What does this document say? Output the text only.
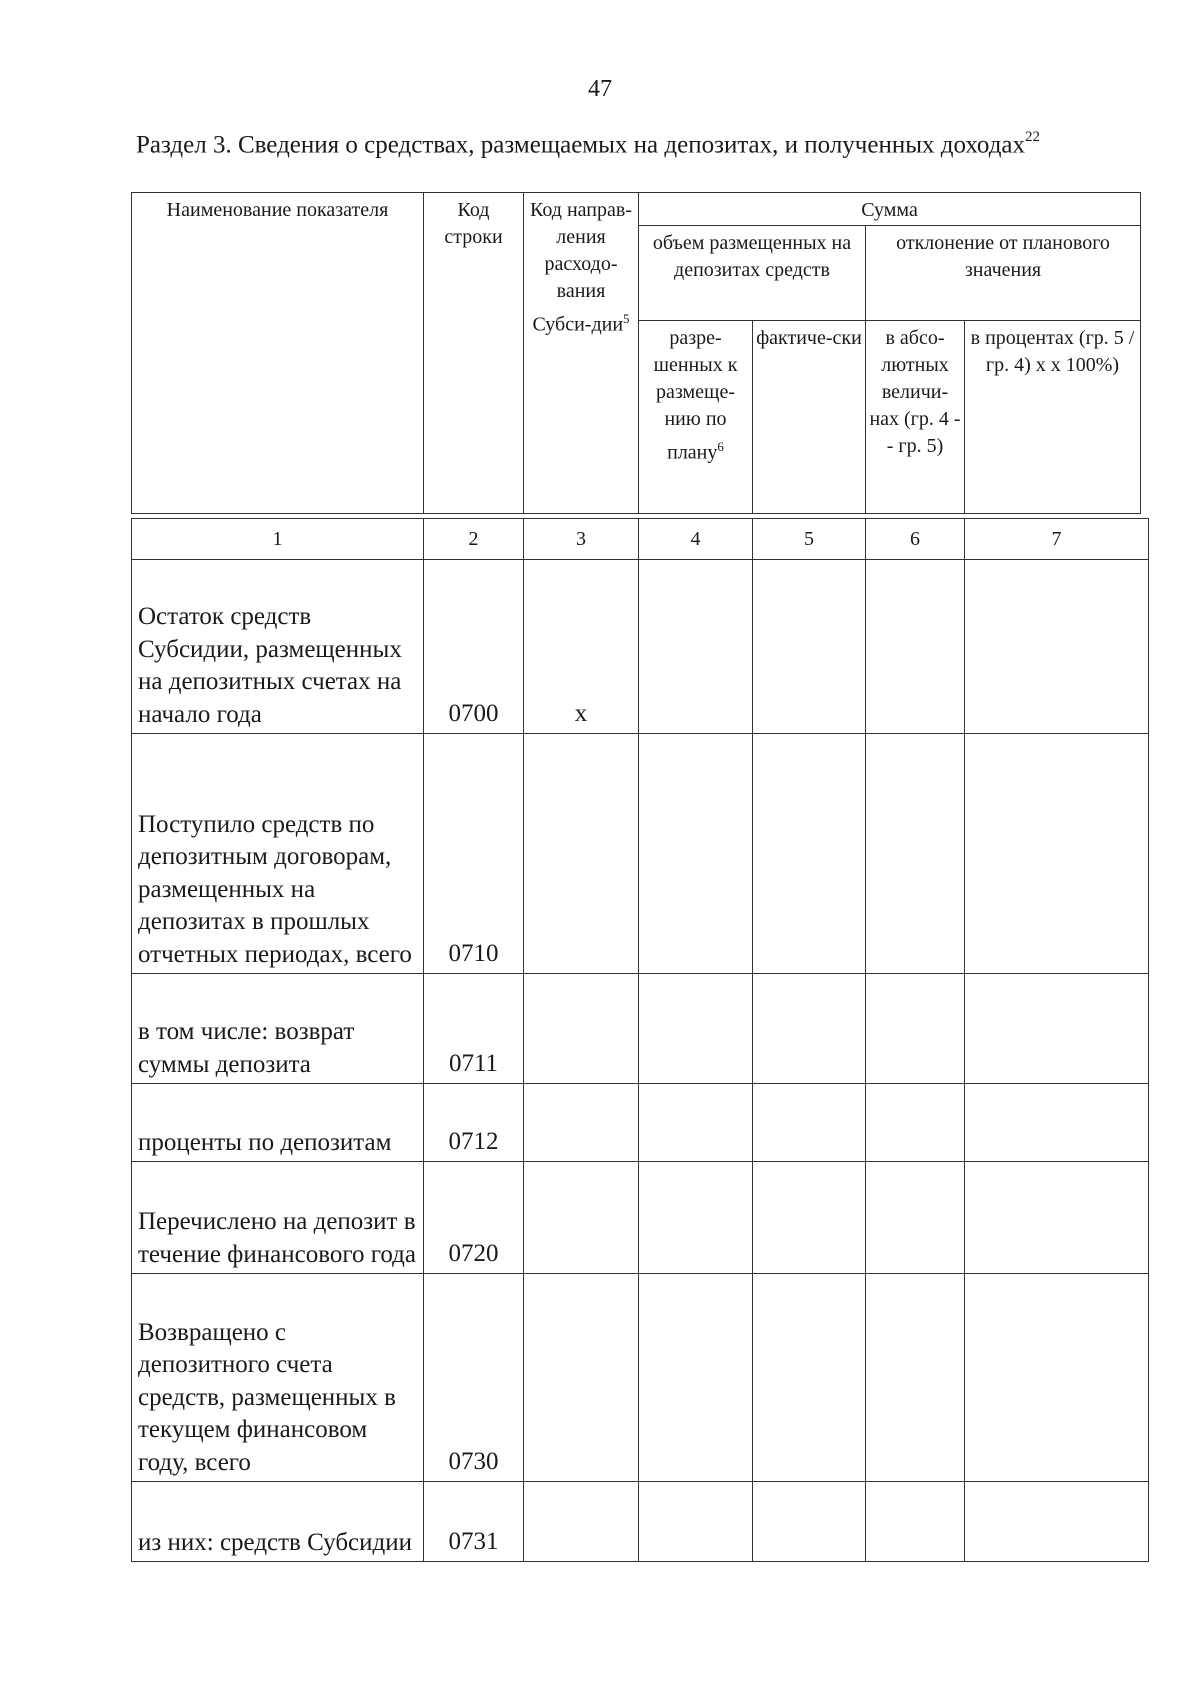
47
Раздел 3. Сведения о средствах, размещаемых на депозитах, и полученных доходах$^{22}$
Наименование показателя	Код строки	Код направ-ления расходо-вания Субси-дии$^5$	Сумма			
			объем размещенных на депозитах средств		отклонение от планового значения	
			разре-шенных к размеще-нию по плану$^6$	фактиче-ски	в абсо-лютных величи-нах (гр. 4 - - гр. 5)	в процентах (гр. 5 / гр. 4) x x 100%)
1	2	3	4	5	6	7
Остаток средств Субсидии, размещенных на депозитных счетах на начало года	0700	x				
Поступило средств по депозитным договорам, размещенных на депозитах в прошлых отчетных периодах, всего	0710					
в том числе: возврат суммы депозита	0711					
проценты по депозитам	0712					
Перечислено на депозит в течение финансового года	0720					
Возвращено с депозитного счета средств, размещенных в текущем финансовом году, всего	0730					
из них: средств Субсидии	0731					
